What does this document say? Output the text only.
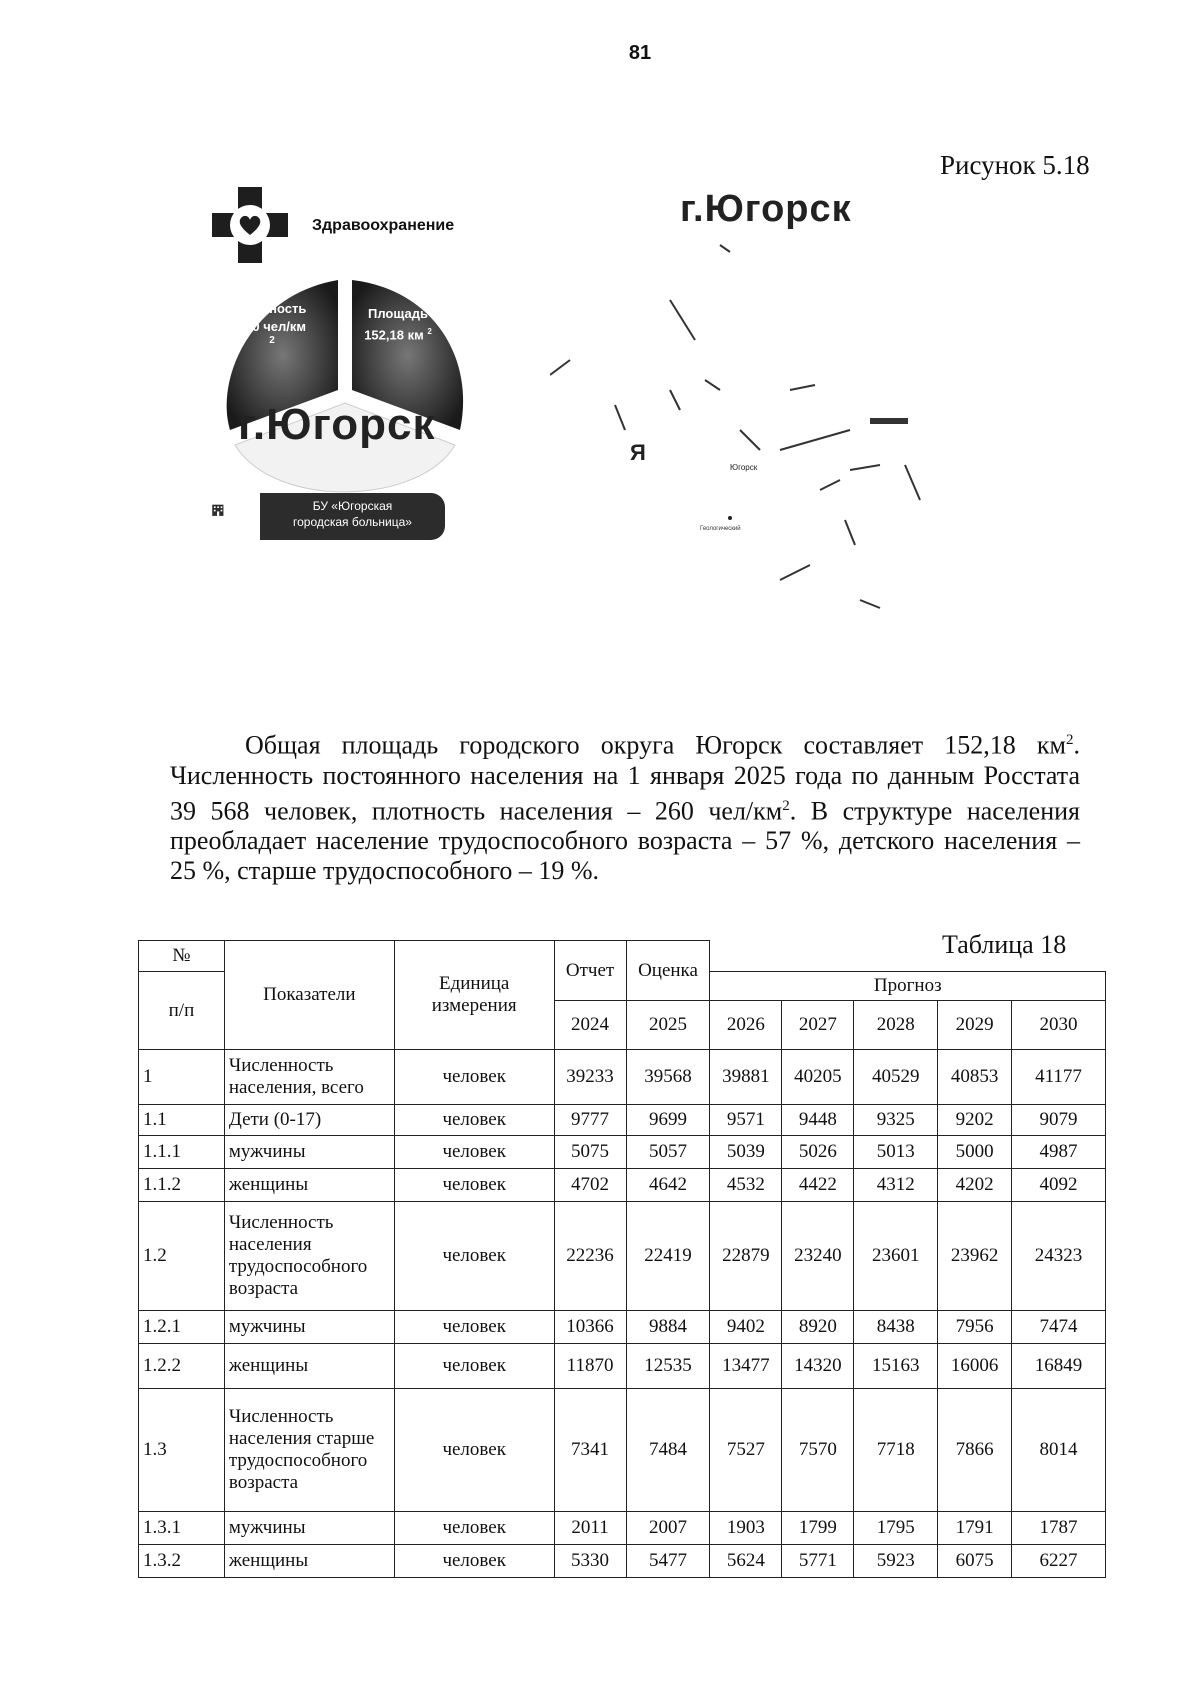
81
Рисунок 5.18
Здравоохранение
Плотность
260 чел/км
2
Площадь
152,18 км $^2$
г.Югорск
БУ «Югорская
городская больница»
г.Югорск
Я
Югорск
Геологический

Общая площадь городского округа Югорск составляет 152,18 $км^2$. Численность постоянного населения на 1 января 2025 года по данным Росстата 39 568 человек, плотность населения – 260 чел/$км^2$. В структуре населения преобладает население трудоспособного возраста – 57 %, детского населения – 25 %, старше трудоспособного – 19 %.

Таблица 18
№	Показатели	Единица измерения	Отчет	Оценка					
п/п					Прогноз				
			2024	2025	2026	2027	2028	2029	2030
1	Численность населения, всего	человек	39233	39568	39881	40205	40529	40853	41177
1.1	Дети (0-17)	человек	9777	9699	9571	9448	9325	9202	9079
1.1.1	мужчины	человек	5075	5057	5039	5026	5013	5000	4987
1.1.2	женщины	человек	4702	4642	4532	4422	4312	4202	4092
1.2	Численность населения трудоспособного возраста	человек	22236	22419	22879	23240	23601	23962	24323
1.2.1	мужчины	человек	10366	9884	9402	8920	8438	7956	7474
1.2.2	женщины	человек	11870	12535	13477	14320	15163	16006	16849
1.3	Численность населения старше трудоспособного возраста	человек	7341	7484	7527	7570	7718	7866	8014
1.3.1	мужчины	человек	2011	2007	1903	1799	1795	1791	1787
1.3.2	женщины	человек	5330	5477	5624	5771	5923	6075	6227
